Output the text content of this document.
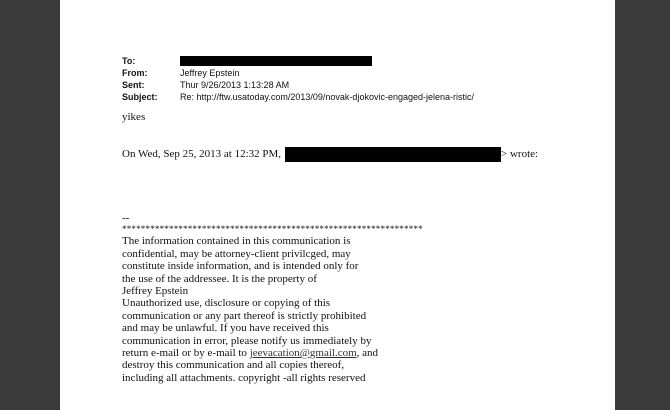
To:
From:	Jeffrey Epstein
Sent:	Thur 9/26/2013 1:13:28 AM
Subject:	Re: http://ftw.usatoday.com/2013/09/novak-djokovic-engaged-jelena-ristic/
yikes
On Wed, Sep 25, 2013 at 12:32 PM,	> wrote:
--
****************************************************************
The information contained in this communication is
confidential, may be attorney-client privilcged, may
constitute inside information, and is intended only for
the use of the addressee. It is the property of
Jeffrey Epstein
Unauthorized use, disclosure or copying of this
communication or any part thereof is strictly prohibited
and may be unlawful. If you have received this
communication in error, please notify us immediately by
return e-mail or by e-mail to jeevacation@gmail.com, and
destroy this communication and all copies thereof,
including all attachments. copyright -all rights reserved
